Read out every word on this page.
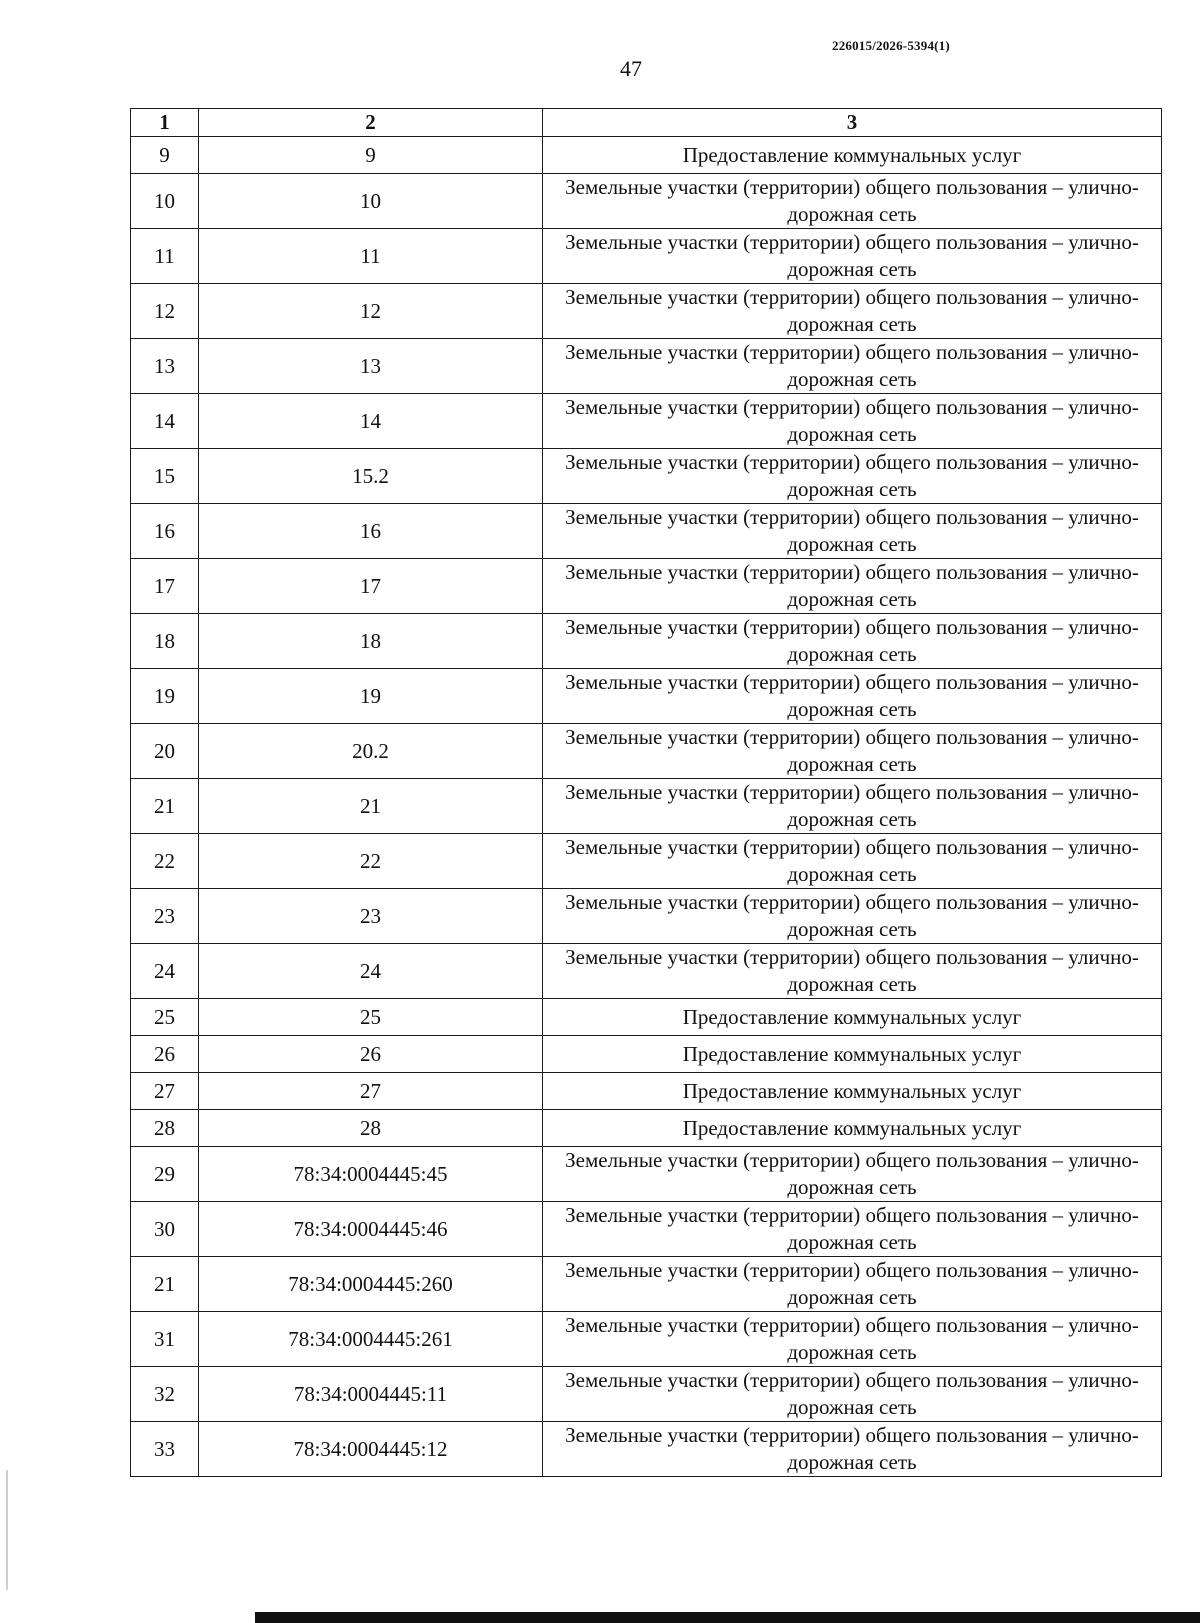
226015/2026-5394(1)
47
1	2	3
9	9	Предоставление коммунальных услуг
10	10	Земельные участки (территории) общего пользования – улично-дорожная сеть
11	11	Земельные участки (территории) общего пользования – улично-дорожная сеть
12	12	Земельные участки (территории) общего пользования – улично-дорожная сеть
13	13	Земельные участки (территории) общего пользования – улично-дорожная сеть
14	14	Земельные участки (территории) общего пользования – улично-дорожная сеть
15	15.2	Земельные участки (территории) общего пользования – улично-дорожная сеть
16	16	Земельные участки (территории) общего пользования – улично-дорожная сеть
17	17	Земельные участки (территории) общего пользования – улично-дорожная сеть
18	18	Земельные участки (территории) общего пользования – улично-дорожная сеть
19	19	Земельные участки (территории) общего пользования – улично-дорожная сеть
20	20.2	Земельные участки (территории) общего пользования – улично-дорожная сеть
21	21	Земельные участки (территории) общего пользования – улично-дорожная сеть
22	22	Земельные участки (территории) общего пользования – улично-дорожная сеть
23	23	Земельные участки (территории) общего пользования – улично-дорожная сеть
24	24	Земельные участки (территории) общего пользования – улично-дорожная сеть
25	25	Предоставление коммунальных услуг
26	26	Предоставление коммунальных услуг
27	27	Предоставление коммунальных услуг
28	28	Предоставление коммунальных услуг
29	78:34:0004445:45	Земельные участки (территории) общего пользования – улично-дорожная сеть
30	78:34:0004445:46	Земельные участки (территории) общего пользования – улично-дорожная сеть
21	78:34:0004445:260	Земельные участки (территории) общего пользования – улично-дорожная сеть
31	78:34:0004445:261	Земельные участки (территории) общего пользования – улично-дорожная сеть
32	78:34:0004445:11	Земельные участки (территории) общего пользования – улично-дорожная сеть
33	78:34:0004445:12	Земельные участки (территории) общего пользования – улично-дорожная сеть
